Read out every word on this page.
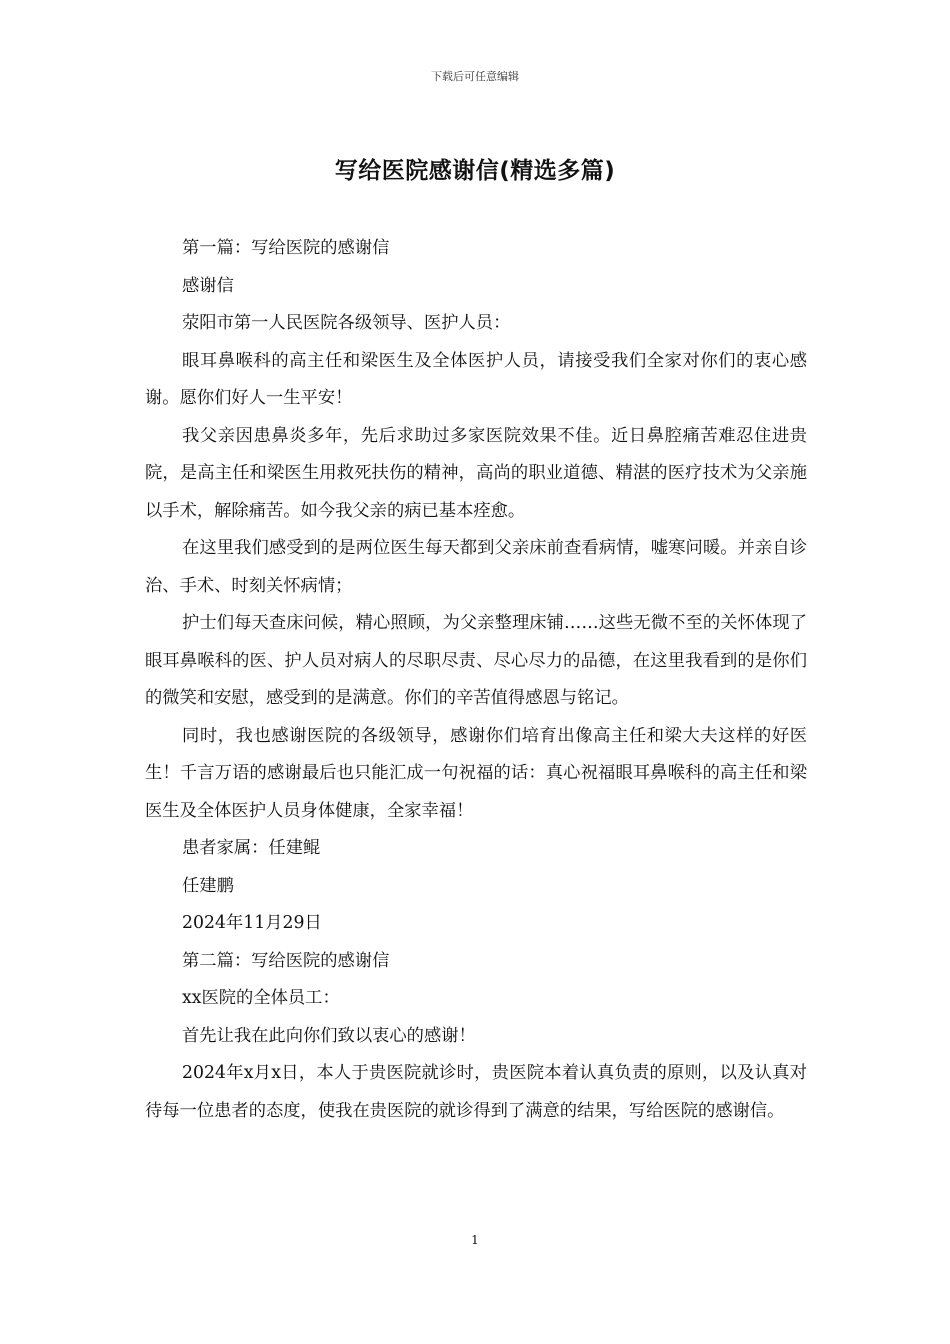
下载后可任意编辑
写给医院感谢信(精选多篇)

第一篇：写给医院的感谢信

感谢信

荥阳市第一人民医院各级领导、医护人员：

眼耳鼻喉科的高主任和梁医生及全体医护人员，请接受我们全家对你们的衷心感谢。愿你们好人一生平安！

我父亲因患鼻炎多年，先后求助过多家医院效果不佳。近日鼻腔痛苦难忍住进贵院，是高主任和梁医生用救死扶伤的精神，高尚的职业道德、精湛的医疗技术为父亲施以手术，解除痛苦。如今我父亲的病已基本痊愈。

在这里我们感受到的是两位医生每天都到父亲床前查看病情，嘘寒问暖。并亲自诊治、手术、时刻关怀病情；

护士们每天查床问候，精心照顾，为父亲整理床铺……这些无微不至的关怀体现了眼耳鼻喉科的医、护人员对病人的尽职尽责、尽心尽力的品德，在这里我看到的是你们的微笑和安慰，感受到的是满意。你们的辛苦值得感恩与铭记。

同时，我也感谢医院的各级领导，感谢你们培育出像高主任和梁大夫这样的好医生！千言万语的感谢最后也只能汇成一句祝福的话：真心祝福眼耳鼻喉科的高主任和梁医生及全体医护人员身体健康，全家幸福！

患者家属：任建鲲

任建鹏

2024年11月29日

第二篇：写给医院的感谢信

xx医院的全体员工：

首先让我在此向你们致以衷心的感谢！

2024年x月x日，本人于贵医院就诊时，贵医院本着认真负责的原则，以及认真对待每一位患者的态度，使我在贵医院的就诊得到了满意的结果，写给医院的感谢信。

1
